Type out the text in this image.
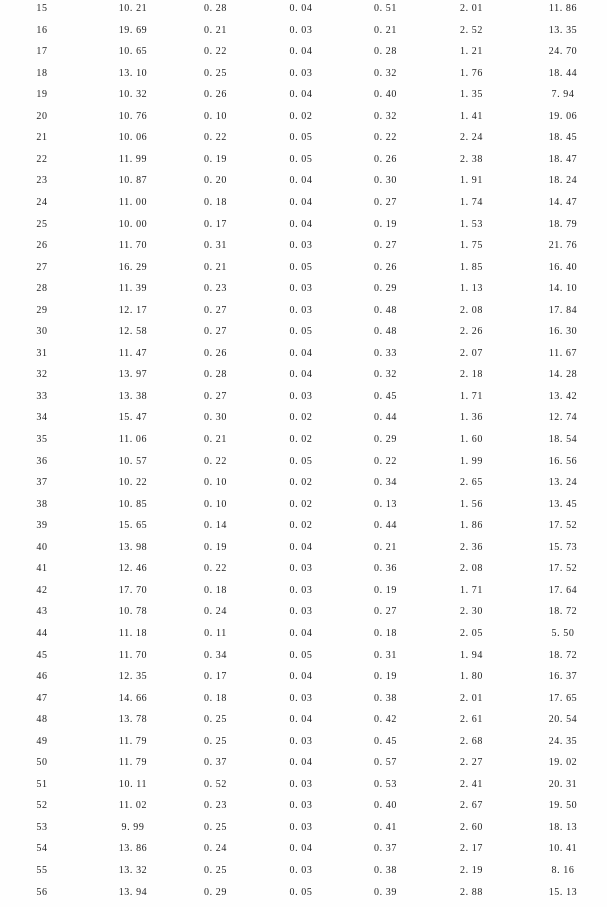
15	10. 21	0. 28	0. 04	0. 51	2. 01	11. 86
16	19. 69	0. 21	0. 03	0. 21	2. 52	13. 35
17	10. 65	0. 22	0. 04	0. 28	1. 21	24. 70
18	13. 10	0. 25	0. 03	0. 32	1. 76	18. 44
19	10. 32	0. 26	0. 04	0. 40	1. 35	7. 94
20	10. 76	0. 10	0. 02	0. 32	1. 41	19. 06
21	10. 06	0. 22	0. 05	0. 22	2. 24	18. 45
22	11. 99	0. 19	0. 05	0. 26	2. 38	18. 47
23	10. 87	0. 20	0. 04	0. 30	1. 91	18. 24
24	11. 00	0. 18	0. 04	0. 27	1. 74	14. 47
25	10. 00	0. 17	0. 04	0. 19	1. 53	18. 79
26	11. 70	0. 31	0. 03	0. 27	1. 75	21. 76
27	16. 29	0. 21	0. 05	0. 26	1. 85	16. 40
28	11. 39	0. 23	0. 03	0. 29	1. 13	14. 10
29	12. 17	0. 27	0. 03	0. 48	2. 08	17. 84
30	12. 58	0. 27	0. 05	0. 48	2. 26	16. 30
31	11. 47	0. 26	0. 04	0. 33	2. 07	11. 67
32	13. 97	0. 28	0. 04	0. 32	2. 18	14. 28
33	13. 38	0. 27	0. 03	0. 45	1. 71	13. 42
34	15. 47	0. 30	0. 02	0. 44	1. 36	12. 74
35	11. 06	0. 21	0. 02	0. 29	1. 60	18. 54
36	10. 57	0. 22	0. 05	0. 22	1. 99	16. 56
37	10. 22	0. 10	0. 02	0. 34	2. 65	13. 24
38	10. 85	0. 10	0. 02	0. 13	1. 56	13. 45
39	15. 65	0. 14	0. 02	0. 44	1. 86	17. 52
40	13. 98	0. 19	0. 04	0. 21	2. 36	15. 73
41	12. 46	0. 22	0. 03	0. 36	2. 08	17. 52
42	17. 70	0. 18	0. 03	0. 19	1. 71	17. 64
43	10. 78	0. 24	0. 03	0. 27	2. 30	18. 72
44	11. 18	0. 11	0. 04	0. 18	2. 05	5. 50
45	11. 70	0. 34	0. 05	0. 31	1. 94	18. 72
46	12. 35	0. 17	0. 04	0. 19	1. 80	16. 37
47	14. 66	0. 18	0. 03	0. 38	2. 01	17. 65
48	13. 78	0. 25	0. 04	0. 42	2. 61	20. 54
49	11. 79	0. 25	0. 03	0. 45	2. 68	24. 35
50	11. 79	0. 37	0. 04	0. 57	2. 27	19. 02
51	10. 11	0. 52	0. 03	0. 53	2. 41	20. 31
52	11. 02	0. 23	0. 03	0. 40	2. 67	19. 50
53	9. 99	0. 25	0. 03	0. 41	2. 60	18. 13
54	13. 86	0. 24	0. 04	0. 37	2. 17	10. 41
55	13. 32	0. 25	0. 03	0. 38	2. 19	8. 16
56	13. 94	0. 29	0. 05	0. 39	2. 88	15. 13
